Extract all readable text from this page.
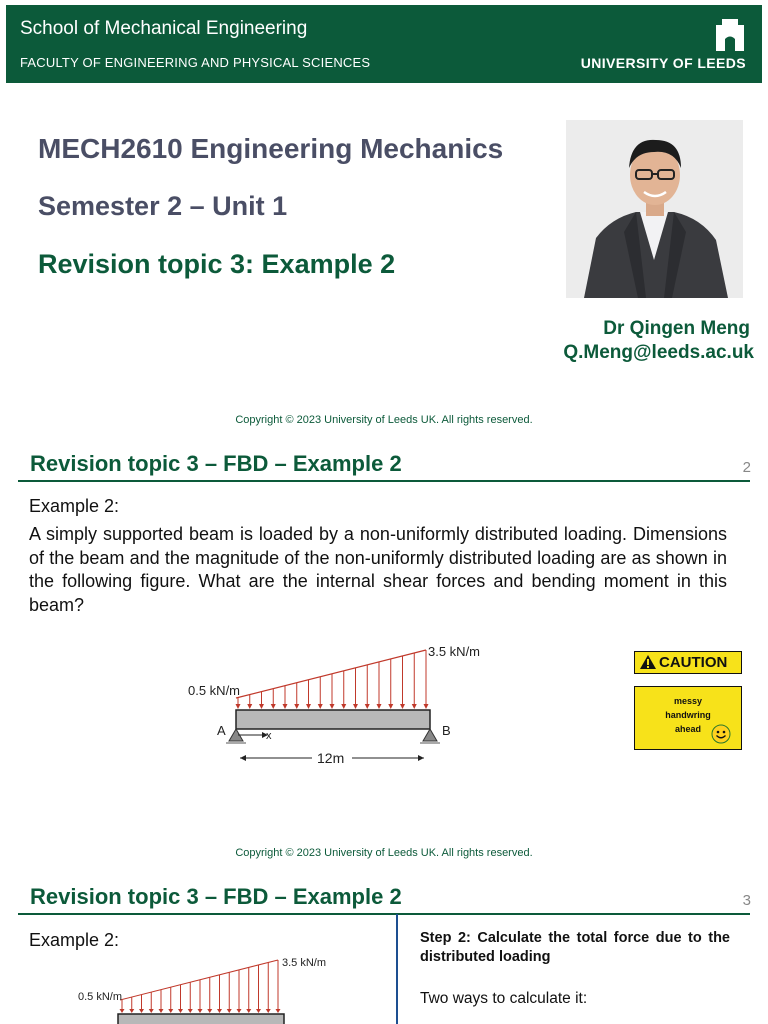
School of Mechanical Engineering
FACULTY OF ENGINEERING AND PHYSICAL SCIENCES	UNIVERSITY OF LEEDS
MECH2610 Engineering Mechanics
Semester 2 – Unit 1
Revision topic 3: Example 2
Dr Qingen Meng
Q.Meng@leeds.ac.uk
Copyright © 2023 University of Leeds UK. All rights reserved.
Revision topic 3 – FBD – Example 2	2
Example 2:
A simply supported beam is loaded by a non-uniformly distributed loading. Dimensions of the beam and the magnitude of the non-uniformly distributed loading are as shown in the following figure. What are the internal shear forces and bending moment in this beam?
x
A	B
0.5 kN/m
3.5 kN/m
12m
CAUTION
messy
handwring
ahead
Copyright © 2023 University of Leeds UK. All rights reserved.
Revision topic 3 – FBD – Example 2	3
Example 2:
0.5 kN/m
3.5 kN/m
Step 2: Calculate the total force due to the distributed loading
Two ways to calculate it:
